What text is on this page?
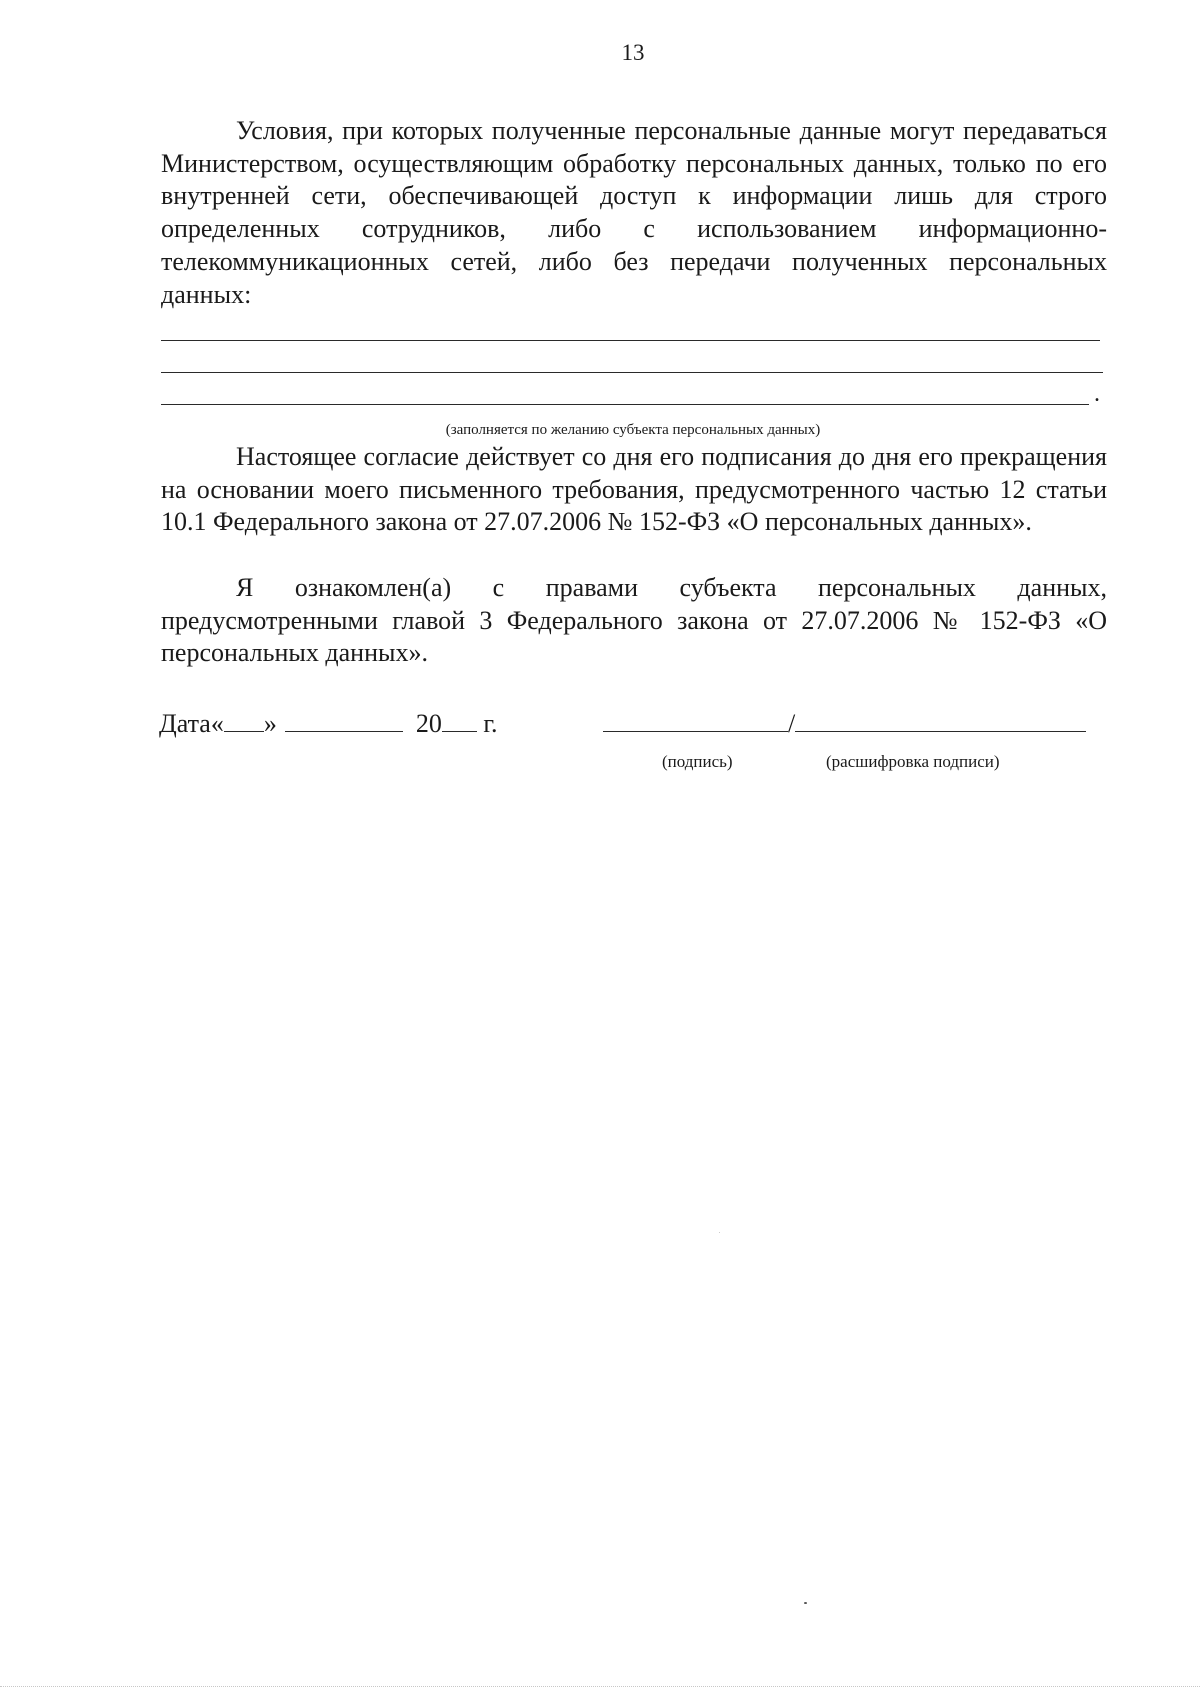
13

Условия, при которых полученные персональные данные могут передаваться Министерством, осуществляющим обработку персональных данных, только по его внутренней сети, обеспечивающей доступ к информации лишь для строго определенных сотрудников, либо с использованием информационно-телекоммуникационных сетей, либо без передачи полученных персональных данных:

.
(заполняется по желанию субъекта персональных данных)

Настоящее согласие действует со дня его подписания до дня его прекращения на основании моего письменного требования, предусмотренного частью 12 статьи 10.1 Федерального закона от 27.07.2006 № 152-ФЗ «О персональных данных».

Я ознакомлен(а) с правами субъекта персональных данных, предусмотренными главой 3 Федерального закона от 27.07.2006 № 152-ФЗ «О персональных данных».

Дата« »	20 г.	/
(подпись)	(расшифровка подписи)
